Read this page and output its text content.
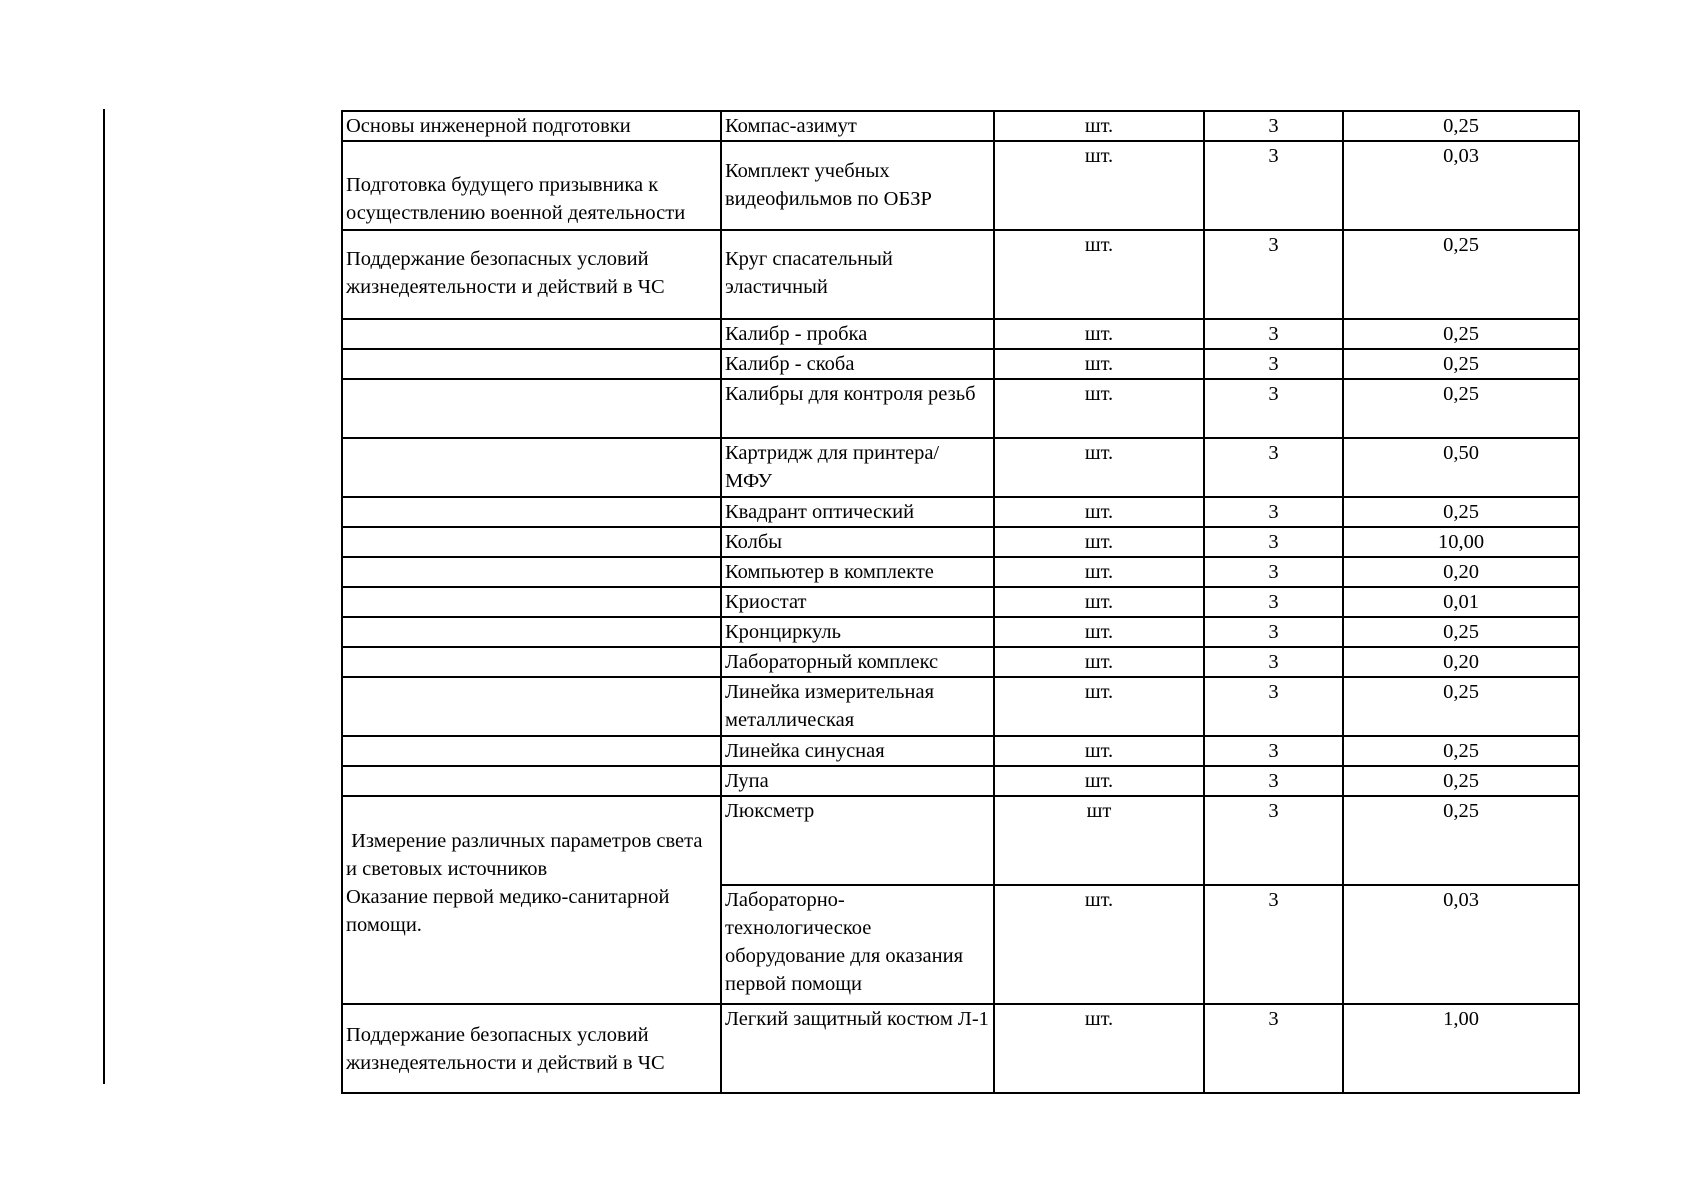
Основы инженерной подготовки	Компас-азимут	шт.	3	0,25
Подготовка будущего призывника к осуществлению военной деятельности	Комплект учебных видеофильмов по ОБЗР	шт.	3	0,03
Поддержание безопасных условий жизнедеятельности и действий в ЧС	Круг спасательный эластичный	шт.	3	0,25
	Калибр - пробка	шт.	3	0,25
	Калибр - скоба	шт.	3	0,25
	Калибры для контроля резьб	шт.	3	0,25
	Картридж для принтера/ МФУ	шт.	3	0,50
	Квадрант оптический	шт.	3	0,25
	Колбы	шт.	3	10,00
	Компьютер в комплекте	шт.	3	0,20
	Криостат	шт.	3	0,01
	Кронциркуль	шт.	3	0,25
	Лабораторный комплекс	шт.	3	0,20
	Линейка измерительная металлическая	шт.	3	0,25
	Линейка синусная	шт.	3	0,25
	Лупа	шт.	3	0,25

Измерение различных параметров света и световых источников
Оказание первой медико-санитарной помощи.	Люксметр	шт	3	0,25
	Лабораторно-технологическое оборудование для оказания первой помощи	шт.	3	0,03
Поддержание безопасных условий жизнедеятельности и действий в ЧС	Легкий защитный костюм Л-1	шт.	3	1,00
